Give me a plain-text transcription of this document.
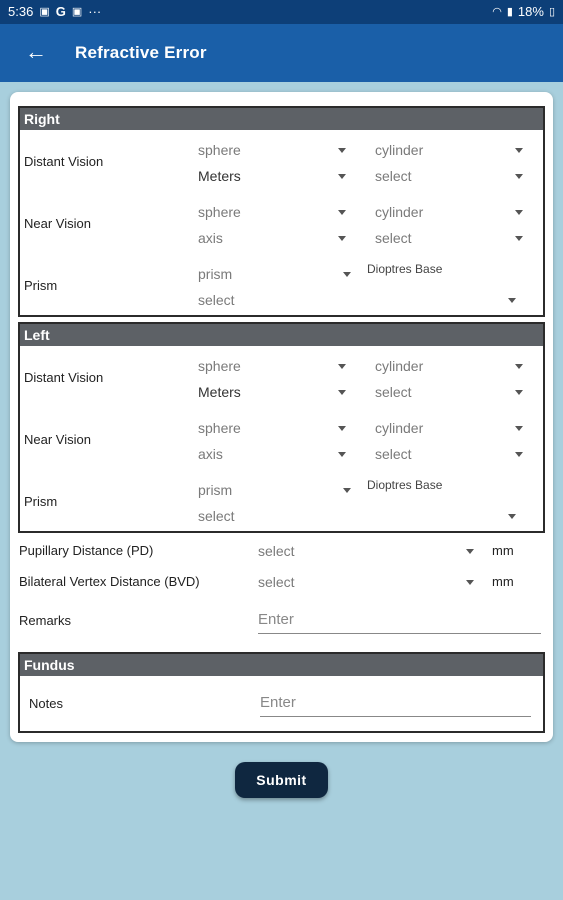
5:36 ▣ G ▣ ···	◠ ▮ 18% ▯
← Refractive Error
Right
Distant Vision
sphere	cylinder
Meters	select
Near Vision
sphere	cylinder
axis	select
Prism
prism	Dioptres Base
select
Left
Distant Vision
sphere	cylinder
Meters	select
Near Vision
sphere	cylinder
axis	select
Prism
prism	Dioptres Base
select
Pupillary Distance (PD)	select	mm
Bilateral Vertex Distance (BVD)	select	mm
Remarks	Enter
Fundus
Notes	Enter
Submit
